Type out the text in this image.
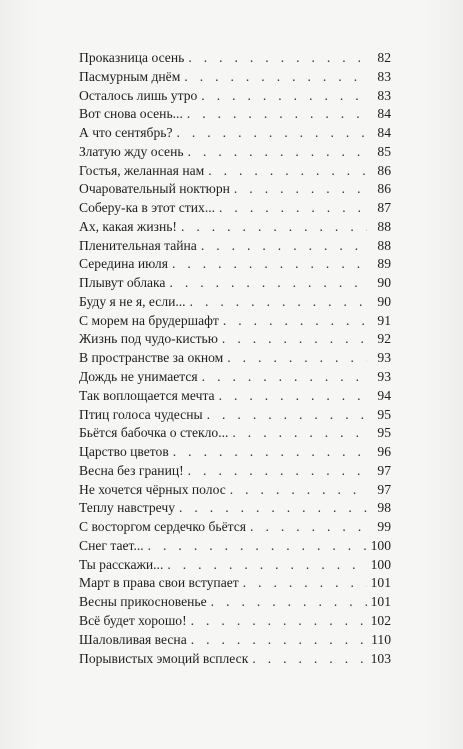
Проказница осень . . .	82
Пасмурным днём . . .	83
Осталось лишь утро . . .	83
Вот снова осень... . . .	84
А что сентябрь? . . .	84
Златую жду осень . . .	85
Гостья, желанная нам . . .	86
Очаровательный ноктюрн . . .	86
Соберу-ка в этот стих... . . .	87
Ах, какая жизнь! . . .	88
Пленительная тайна . . .	88
Середина июля . . .	89
Плывут облака . . .	90
Буду я не я, если... . . .	90
С морем на брудершафт . . .	91
Жизнь под чудо-кистью . . .	92
В пространстве за окном . . .	93
Дождь не унимается . . .	93
Так воплощается мечта . . .	94
Птиц голоса чудесны . . .	95
Бьётся бабочка о стекло... . . .	95
Царство цветов . . .	96
Весна без границ! . . .	97
Не хочется чёрных полос . . .	97
Теплу навстречу . . .	98
С восторгом сердечко бьётся . . .	99
Снег тает... . . .	100
Ты расскажи... . . .	100
Март в права свои вступает . . .	101
Весны прикосновенье . . .	101
Всё будет хорошо! . . .	102
Шаловливая весна . . .	110
Порывистых эмоций всплеск . . .	103
